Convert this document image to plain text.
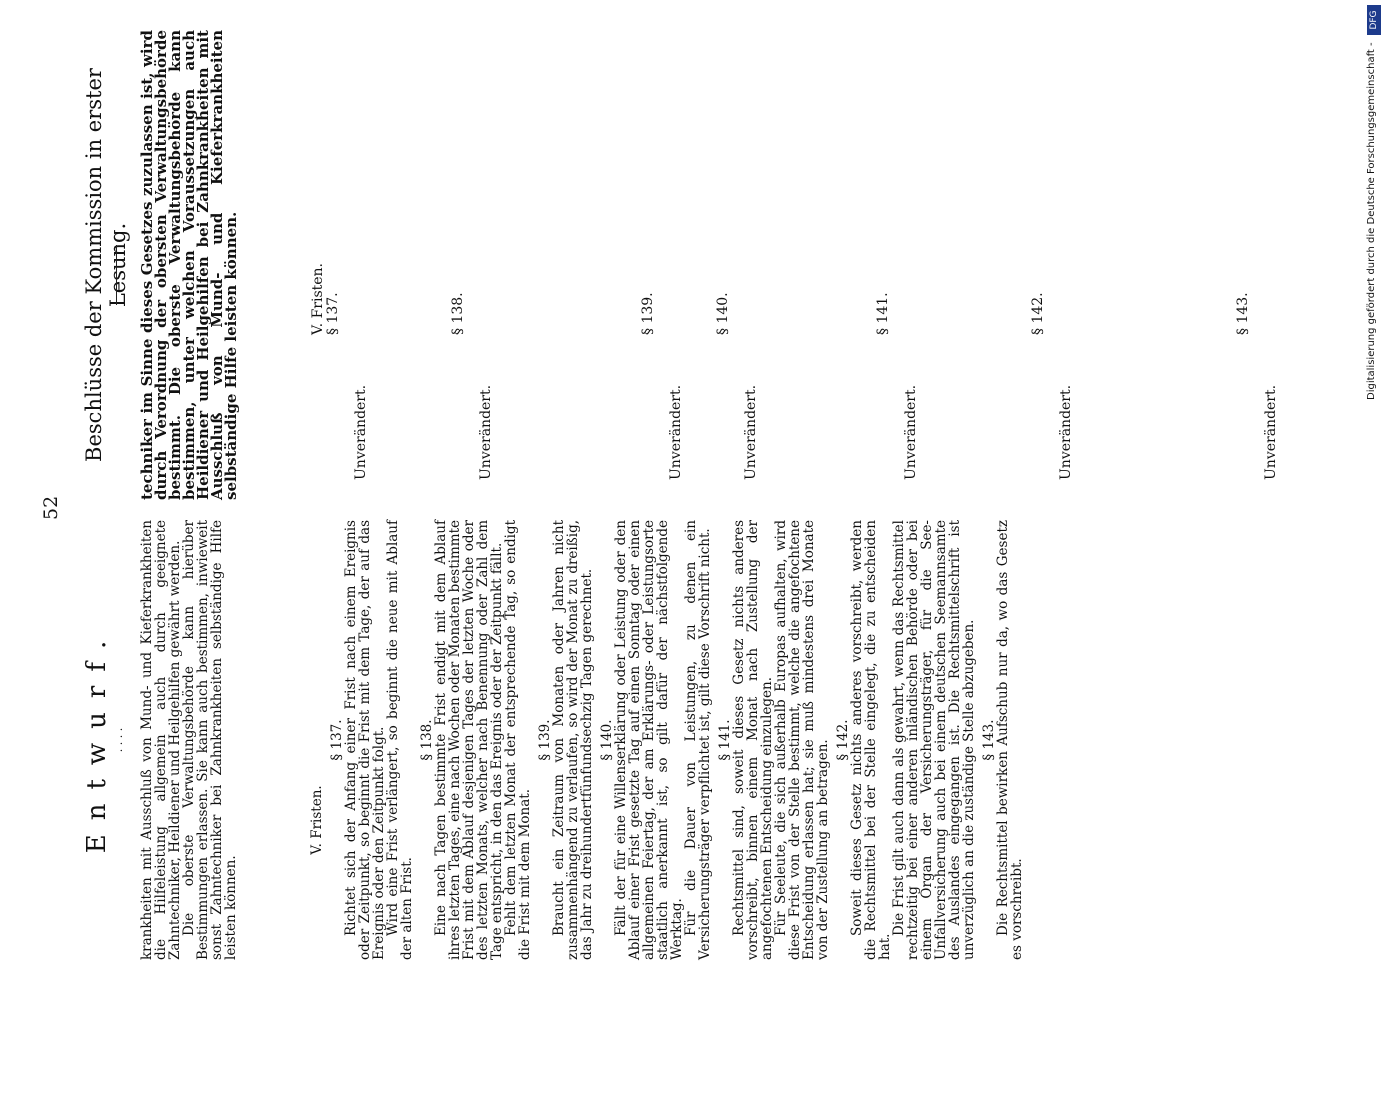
52
Entwurf. . . . .
Beschlüsse der Kommission in erster Lesung.

krankheiten mit Ausschluß von Mund- und Kieferkrankheiten die Hilfeleistung allgemein auch durch geeignete Zahntechniker, Heildiener und Heilgehilfen gewährt werden.

Die oberste Verwaltungsbehörde kann hierüber Bestimmungen erlassen. Sie kann auch bestimmen, inwieweit sonst Zahntechniker bei Zahnkrankheiten selbständige Hilfe leisten können.

V. Fristen.
§ 137.

Richtet sich der Anfang einer Frist nach einem Ereignis oder Zeitpunkt, so beginnt die Frist mit dem Tage, der auf das Ereignis oder den Zeitpunkt folgt.

Wird eine Frist verlängert, so beginnt die neue mit Ablauf der alten Frist.

§ 138.

Eine nach Tagen bestimmte Frist endigt mit dem Ablauf ihres letzten Tages, eine nach Wochen oder Monaten bestimmte Frist mit dem Ablauf desjenigen Tages der letzten Woche oder des letzten Monats, welcher nach Benennung oder Zahl dem Tage entspricht, in den das Ereignis oder der Zeitpunkt fällt.

Fehlt dem letzten Monat der entsprechende Tag, so endigt die Frist mit dem Monat.

§ 139.

Braucht ein Zeitraum von Monaten oder Jahren nicht zusammenhängend zu verlaufen, so wird der Monat zu dreißig, das Jahr zu dreihundertfünfundsechzig Tagen gerechnet. § 140.

Fällt der für eine Willenserklärung oder Leistung oder den Ablauf einer Frist gesetzte Tag auf einen Sonntag oder einen allgemeinen Feiertag, der am Erklärungs- oder Leistungsorte staatlich anerkannt ist, so gilt dafür der nächstfolgende Werktag.

Für die Dauer von Leistungen, zu denen ein Versicherungsträger verpflichtet ist, gilt diese Vorschrift nicht. § 141.

Rechtsmittel sind, soweit dieses Gesetz nichts anderes vorschreibt, binnen einem Monat nach Zustellung der angefochtenen Entscheidung einzulegen.

Für Seeleute, die sich außerhalb Europas aufhalten, wird diese Frist von der Stelle bestimmt, welche die angefochtene Entscheidung erlassen hat; sie muß mindestens drei Monate von der Zustellung an betragen. § 142.

Soweit dieses Gesetz nichts anderes vorschreibt, werden die Rechtsmittel bei der Stelle eingelegt, die zu entscheiden hat.

Die Frist gilt auch dann als gewahrt, wenn das Rechtsmittel rechtzeitig bei einer anderen inländischen Behörde oder bei einem Organ der Versicherungsträger, für die See-Unfallversicherung auch bei einem deutschen Seemannsamte des Auslandes eingegangen ist. Die Rechtsmittelschrift ist unverzüglich an die zuständige Stelle abzugeben. § 143.

Die Rechtsmittel bewirken Aufschub nur da, wo das Gesetz es vorschreibt.

techniker im Sinne dieses Gesetzes zuzulassen ist, wird durch Verordnung der obersten Verwaltungsbehörde bestimmt. Die oberste Verwaltungsbehörde kann bestimmen, unter welchen Voraussetzungen auch Heildiener und Heilgehilfen bei Zahnkrankheiten mit Ausschluß von Mund- und Kieferkrankheiten selbständige Hilfe leisten können.	V. Fristen. § 137.
Unverändert.
§ 138.
Unverändert.
§ 139.
Unverändert.
§ 140.
Unverändert.
§ 141.
Unverändert.
§ 142.
Unverändert.
§ 143.
Unverändert.
Digitalisierung gefördert durch die Deutsche Forschungsgemeinschaft -
DFG
